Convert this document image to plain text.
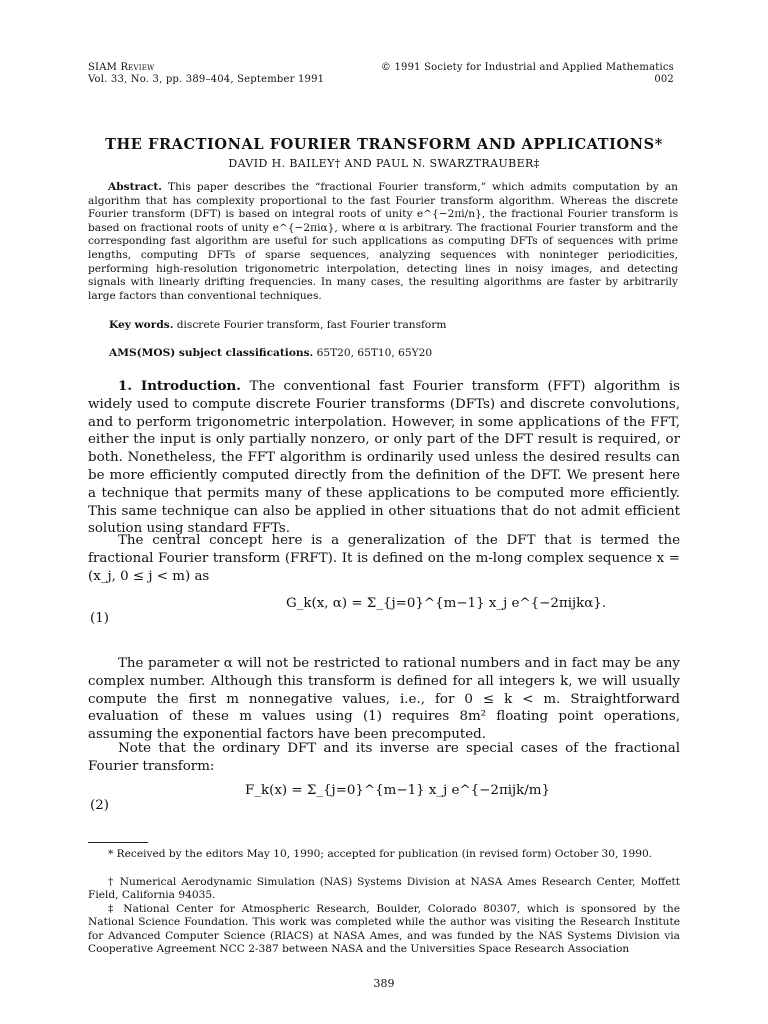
SIAM Review
Vol. 33, No. 3, pp. 389–404, September 1991
© 1991 Society for Industrial and Applied Mathematics
002
THE FRACTIONAL FOURIER TRANSFORM AND APPLICATIONS*
DAVID H. BAILEY† AND PAUL N. SWARZTRAUBER‡
Abstract. This paper describes the “fractional Fourier transform,” which admits computation by an algorithm that has complexity proportional to the fast Fourier transform algorithm. Whereas the discrete Fourier transform (DFT) is based on integral roots of unity e^{−2πi/n}, the fractional Fourier transform is based on fractional roots of unity e^{−2πiα}, where α is arbitrary. The fractional Fourier transform and the corresponding fast algorithm are useful for such applications as computing DFTs of sequences with prime lengths, computing DFTs of sparse sequences, analyzing sequences with noninteger periodicities, performing high-resolution trigonometric interpolation, detecting lines in noisy images, and detecting signals with linearly drifting frequencies. In many cases, the resulting algorithms are faster by arbitrarily large factors than conventional techniques.
Key words. discrete Fourier transform, fast Fourier transform
AMS(MOS) subject classifications. 65T20, 65T10, 65Y20
1. Introduction. The conventional fast Fourier transform (FFT) algorithm is widely used to compute discrete Fourier transforms (DFTs) and discrete convolutions, and to perform trigonometric interpolation. However, in some applications of the FFT, either the input is only partially nonzero, or only part of the DFT result is required, or both. Nonetheless, the FFT algorithm is ordinarily used unless the desired results can be more efficiently computed directly from the definition of the DFT. We present here a technique that permits many of these applications to be computed more efficiently. This same technique can also be applied in other situations that do not admit efficient solution using standard FFTs.
The central concept here is a generalization of the DFT that is termed the fractional Fourier transform (FRFT). It is defined on the m-long complex sequence x = (x_j, 0 ≤ j < m) as
(1)
G_k(x, α) = Σ_{j=0}^{m−1} x_j e^{−2πijkα}.
The parameter α will not be restricted to rational numbers and in fact may be any complex number. Although this transform is defined for all integers k, we will usually compute the first m nonnegative values, i.e., for 0 ≤ k < m. Straightforward evaluation of these m values using (1) requires 8m² floating point operations, assuming the exponential factors have been precomputed.
Note that the ordinary DFT and its inverse are special cases of the fractional Fourier transform:
(2)
F_k(x) = Σ_{j=0}^{m−1} x_j e^{−2πijk/m}
* Received by the editors May 10, 1990; accepted for publication (in revised form) October 30, 1990.
† Numerical Aerodynamic Simulation (NAS) Systems Division at NASA Ames Research Center, Moffett Field, California 94035.
‡ National Center for Atmospheric Research, Boulder, Colorado 80307, which is sponsored by the National Science Foundation. This work was completed while the author was visiting the Research Institute for Advanced Computer Science (RIACS) at NASA Ames, and was funded by the NAS Systems Division via Cooperative Agreement NCC 2-387 between NASA and the Universities Space Research Association
389
